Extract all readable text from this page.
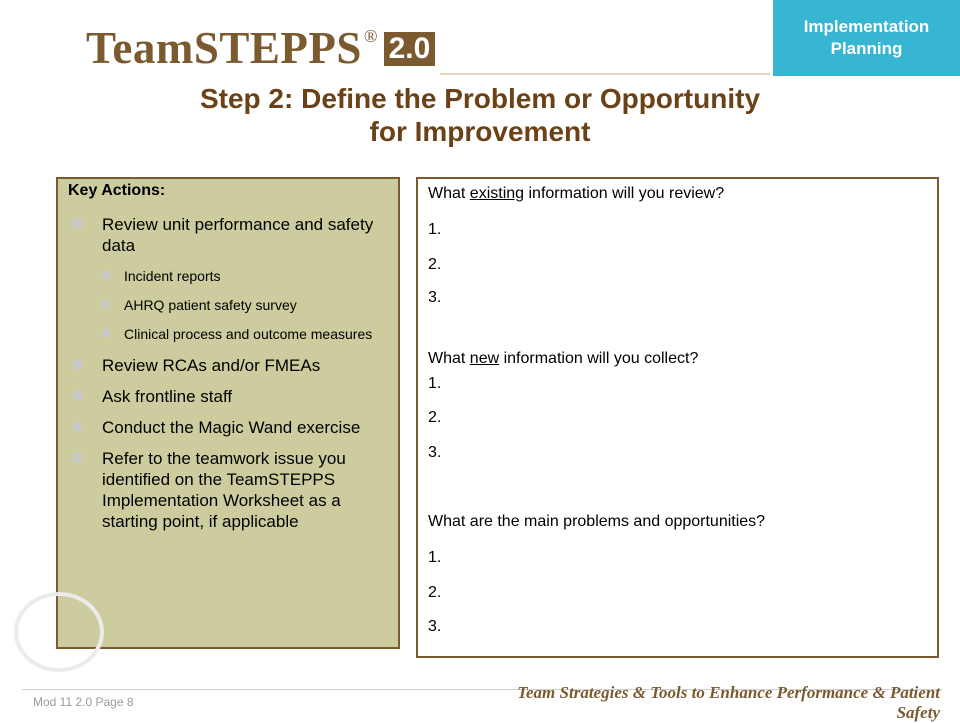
TeamSTEPPS ® 2.0
Implementation
Planning
Step 2: Define the Problem or Opportunity
for Improvement
Key Actions:
Review unit performance and safety data
Incident reports
AHRQ patient safety survey
Clinical process and outcome measures
Review RCAs and/or FMEAs
Ask frontline staff
Conduct the Magic Wand exercise
Refer to the teamwork issue you identified on the TeamSTEPPS Implementation Worksheet as a starting point, if applicable
What existing information will you review?
1.
2.
3.
What new information will you collect?
1.
2.
3.
What are the main problems and opportunities?
1.
2.
3.
Mod 11 2.0 Page 8	Team Strategies & Tools to Enhance Performance & Patient Safety
